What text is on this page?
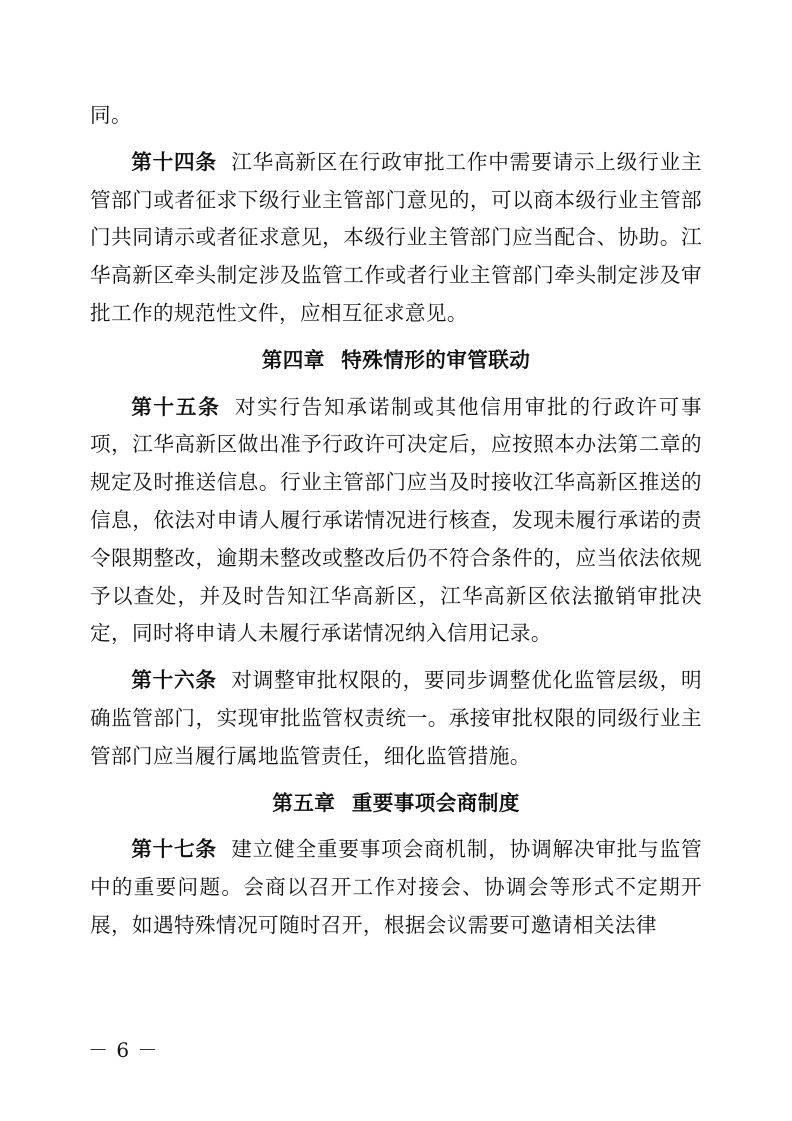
同。

第十四条 江华高新区在行政审批工作中需要请示上级行业主管部门或者征求下级行业主管部门意见的，可以商本级行业主管部门共同请示或者征求意见，本级行业主管部门应当配合、协助。江华高新区牵头制定涉及监管工作或者行业主管部门牵头制定涉及审批工作的规范性文件，应相互征求意见。

第四章 特殊情形的审管联动

第十五条 对实行告知承诺制或其他信用审批的行政许可事项，江华高新区做出准予行政许可决定后，应按照本办法第二章的规定及时推送信息。行业主管部门应当及时接收江华高新区推送的信息，依法对申请人履行承诺情况进行核查，发现未履行承诺的责令限期整改，逾期未整改或整改后仍不符合条件的，应当依法依规予以查处，并及时告知江华高新区，江华高新区依法撤销审批决定，同时将申请人未履行承诺情况纳入信用记录。

第十六条 对调整审批权限的，要同步调整优化监管层级，明确监管部门，实现审批监管权责统一。承接审批权限的同级行业主管部门应当履行属地监管责任，细化监管措施。

第五章 重要事项会商制度

第十七条 建立健全重要事项会商机制，协调解决审批与监管中的重要问题。会商以召开工作对接会、协调会等形式不定期开展，如遇特殊情况可随时召开，根据会议需要可邀请相关法律

－ 6 －
